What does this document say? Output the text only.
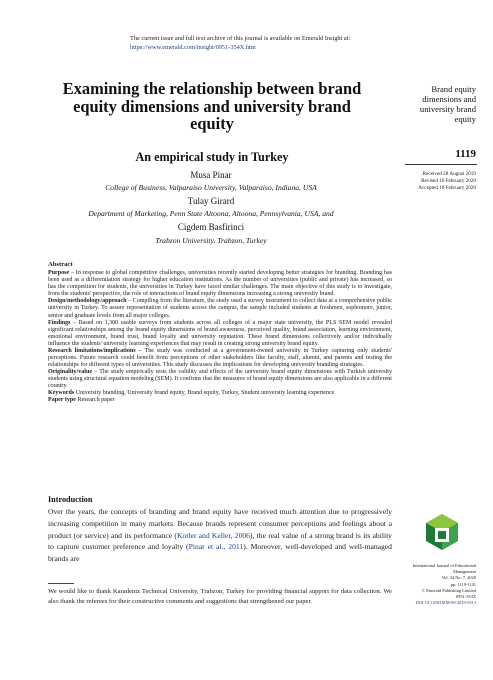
The current issue and full text archive of this journal is available on Emerald Insight at:
https://www.emerald.com/insight/0951-354X.htm
Examining the relationship between brand equity dimensions and university brand equity
An empirical study in Turkey
Musa Pinar
College of Business, Valparaiso University, Valparaiso, Indiana, USA
Tulay Girard
Department of Marketing, Penn State Altoona, Altoona, Pennsylvania, USA, and
Cigdem Basfirinci
Trabzon University, Trabzon, Turkey
Brand equity dimensions and university brand equity
1119
Received 28 August 2019
Revised 10 February 2020
Accepted 10 February 2020
Abstract

Purpose – In response to global competitive challenges, universities recently started developing better strategies for branding. Branding has been used as a differentiation strategy for higher education institutions. As the number of universities (public and private) has increased, so has the competition for students, the universities in Turkey have faced similar challenges. The main objective of this study is to investigate, from the students' perspective, the role of interactions of brand equity dimensions increasing a strong university brand.

Design/methodology/approach – Compiling from the literature, the study used a survey instrument to collect data at a comprehensive public university in Turkey. To assure representation of students across the campus, the sample included students at freshmen, sophomore, junior, senior and graduate levels from all major colleges.

Findings – Based on 1,300 usable surveys from students across all colleges of a major state university, the PLS SEM model revealed significant relationships among the brand equity dimensions of brand awareness, perceived quality, brand association, learning environment, emotional environment, brand trust, brand loyalty and university reputation. These brand dimensions collectively and/or individually influence the students' university learning experiences that may result in creating strong university brand equity.

Research limitations/implications – The study was conducted at a government-owned university in Turkey capturing only students' perceptions. Future research could benefit from perceptions of other stakeholders like faculty, staff, alumni, and parents and testing the relationships for different types of universities. This study discusses the implications for developing university branding strategies.

Originality/value – The study empirically tests the validity and effects of the university brand equity dimensions with Turkish university students using structural equation modeling (SEM). It confirms that the measures of brand equity dimensions are also applicable in a different country.

Keywords University branding, University brand equity, Brand equity, Turkey, Student university learning experience

Paper type Research paper

Introduction
Over the years, the concepts of branding and brand equity have received much attention due to progressively increasing competition in many markets. Because brands represent consumer perceptions and feelings about a product (or service) and its performance (Kotler and Keller, 2006), the real value of a strong brand is its ability to capture customer preference and loyalty (Pinar et al., 2011). Moreover, well-developed and well-managed brands are
We would like to thank Karadeniz Technical University, Trabzon, Turkey for providing financial support for data collection. We also thank the referees for their constructive comments and suggestions that strengthened our paper.
International Journal of Educational Management
Vol. 34 No. 7, 2020
pp. 1119-1141
© Emerald Publishing Limited
0951-354X
DOI 10.1108/IJEM-08-2019-0313
